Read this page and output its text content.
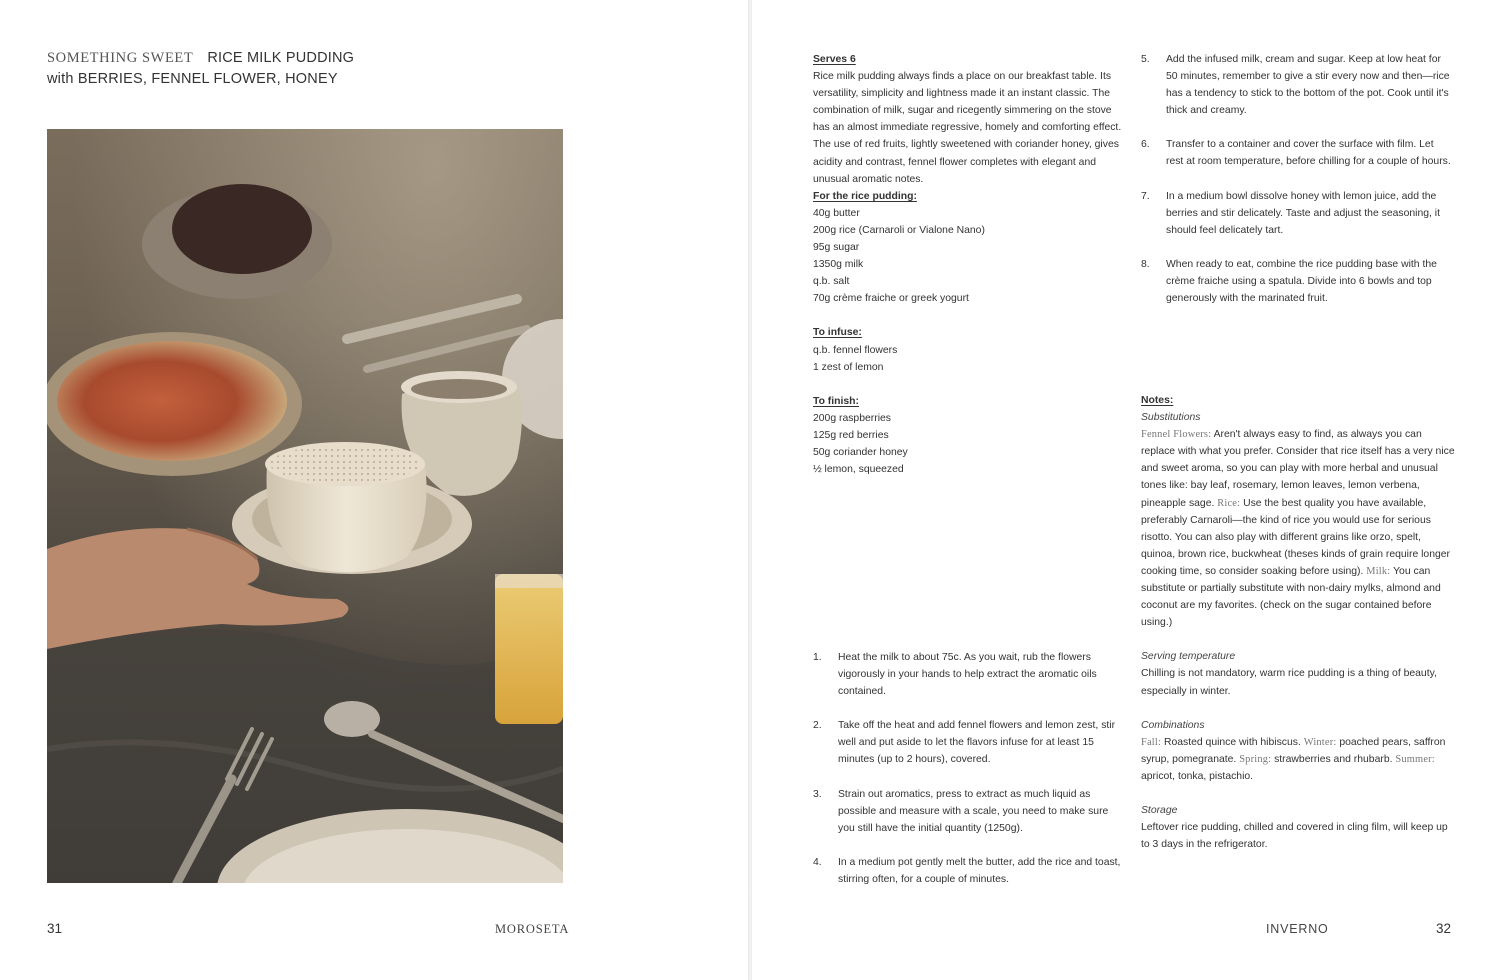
SOMETHING SWEET RICE MILK PUDDING
with BERRIES, FENNEL FLOWER, HONEY
31	MOROSETA

Serves 6

Rice milk pudding always finds a place on our breakfast table. Its versatility, simplicity and lightness made it an instant classic. The combination of milk, sugar and ricegently simmering on the stove has an almost immediate regressive, homely and comforting effect. The use of red fruits, lightly sweetened with coriander honey, gives acidity and contrast, fennel flower completes with elegant and unusual aromatic notes.

For the rice pudding:

40g butter

200g rice (Carnaroli or Vialone Nano)

95g sugar

1350g milk

q.b. salt

70g crème fraiche or greek yogurt

To infuse:

q.b. fennel flowers

1 zest of lemon

To finish:

200g raspberries

125g red berries

50g coriander honey

½ lemon, squeezed

1.	Heat the milk to about 75c. As you wait, rub the flowers vigorously in your hands to help extract the aromatic oils contained.
2.	Take off the heat and add fennel flowers and lemon zest, stir well and put aside to let the flavors infuse for at least 15 minutes (up to 2 hours), covered.
3.	Strain out aromatics, press to extract as much liquid as possible and measure with a scale, you need to make sure you still have the initial quantity (1250g).
4.	In a medium pot gently melt the butter, add the rice and toast, stirring often, for a couple of minutes.
5.	Add the infused milk, cream and sugar. Keep at low heat for 50 minutes, remember to give a stir every now and then—rice has a tendency to stick to the bottom of the pot. Cook until it's thick and creamy.
6.	Transfer to a container and cover the surface with film. Let rest at room temperature, before chilling for a couple of hours.
7.	In a medium bowl dissolve honey with lemon juice, add the berries and stir delicately. Taste and adjust the seasoning, it should feel delicately tart.
8.	When ready to eat, combine the rice pudding base with the crème fraiche using a spatula. Divide into 6 bowls and top generously with the marinated fruit.

Notes:

Substitutions

Fennel Flowers: Aren't always easy to find, as always you can replace with what you prefer. Consider that rice itself has a very nice and sweet aroma, so you can play with more herbal and unusual tones like: bay leaf, rosemary, lemon leaves, lemon verbena, pineapple sage. Rice: Use the best quality you have available, preferably Carnaroli—the kind of rice you would use for serious risotto. You can also play with different grains like orzo, spelt, quinoa, brown rice, buckwheat (theses kinds of grain require longer cooking time, so consider soaking before using). Milk: You can substitute or partially substitute with non-dairy mylks, almond and coconut are my favorites. (check on the sugar contained before using.)

Serving temperature

Chilling is not mandatory, warm rice pudding is a thing of beauty, especially in winter.

Combinations

Fall: Roasted quince with hibiscus. Winter: poached pears, saffron syrup, pomegranate. Spring: strawberries and rhubarb. Summer: apricot, tonka, pistachio.

Storage

Leftover rice pudding, chilled and covered in cling film, will keep up to 3 days in the refrigerator.

INVERNO	32
